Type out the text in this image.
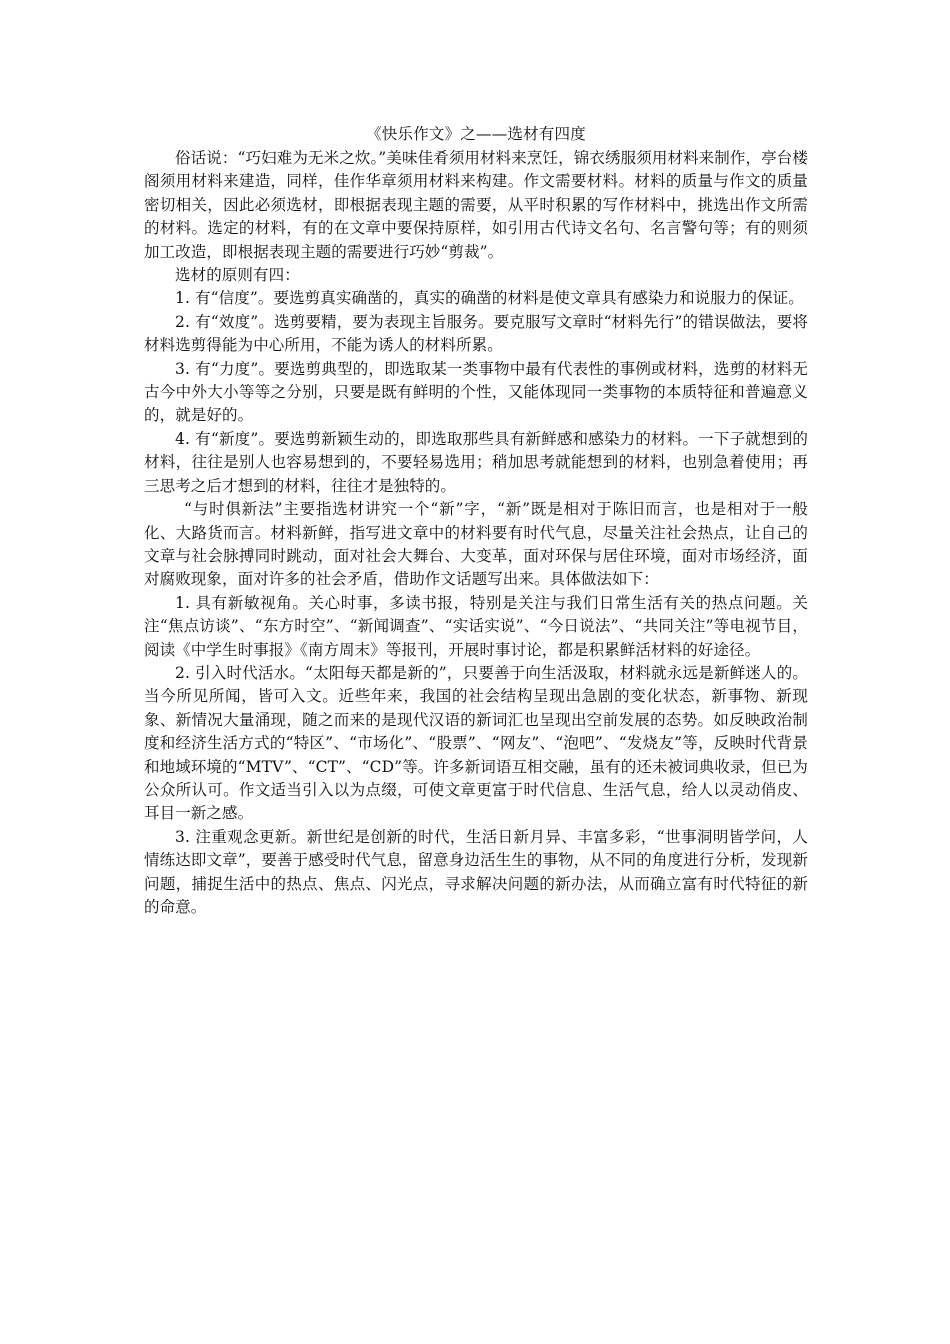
《快乐作文》之——选材有四度

俗话说：“巧妇难为无米之炊。”美味佳肴须用材料来烹饪，锦衣绣服须用材料来制作，亭台楼阁须用材料来建造，同样，佳作华章须用材料来构建。作文需要材料。材料的质量与作文的质量密切相关，因此必须选材，即根据表现主题的需要，从平时积累的写作材料中，挑选出作文所需的材料。选定的材料，有的在文章中要保持原样，如引用古代诗文名句、名言警句等；有的则须加工改造，即根据表现主题的需要进行巧妙“剪裁”。

选材的原则有四：

1. 有“信度”。要选剪真实确凿的，真实的确凿的材料是使文章具有感染力和说服力的保证。

2. 有“效度”。选剪要精，要为表现主旨服务。要克服写文章时“材料先行”的错误做法，要将材料选剪得能为中心所用，不能为诱人的材料所累。

3. 有“力度”。要选剪典型的，即选取某一类事物中最有代表性的事例或材料，选剪的材料无古今中外大小等等之分别，只要是既有鲜明的个性，又能体现同一类事物的本质特征和普遍意义的，就是好的。

4. 有“新度”。要选剪新颖生动的，即选取那些具有新鲜感和感染力的材料。一下子就想到的材料，往往是别人也容易想到的，不要轻易选用；稍加思考就能想到的材料，也别急着使用；再三思考之后才想到的材料，往往才是独特的。

“与时俱新法”主要指选材讲究一个“新”字，“新”既是相对于陈旧而言，也是相对于一般化、大路货而言。材料新鲜，指写进文章中的材料要有时代气息，尽量关注社会热点，让自己的文章与社会脉搏同时跳动，面对社会大舞台、大变革，面对环保与居住环境，面对市场经济，面对腐败现象，面对许多的社会矛盾，借助作文话题写出来。具体做法如下：

1. 具有新敏视角。关心时事，多读书报，特别是关注与我们日常生活有关的热点问题。关注“焦点访谈”、“东方时空”、“新闻调查”、“实话实说”、“今日说法”、“共同关注”等电视节目，阅读《中学生时事报》《南方周末》等报刊，开展时事讨论，都是积累鲜活材料的好途径。

2. 引入时代活水。“太阳每天都是新的”，只要善于向生活汲取，材料就永远是新鲜迷人的。当今所见所闻，皆可入文。近些年来，我国的社会结构呈现出急剧的变化状态，新事物、新现象、新情况大量涌现，随之而来的是现代汉语的新词汇也呈现出空前发展的态势。如反映政治制度和经济生活方式的“特区”、“市场化”、“股票”、“网友”、“泡吧”、“发烧友”等，反映时代背景和地域环境的“MTV”、“CT”、“CD”等。许多新词语互相交融，虽有的还未被词典收录，但已为公众所认可。作文适当引入以为点缀，可使文章更富于时代信息、生活气息，给人以灵动俏皮、耳目一新之感。

3. 注重观念更新。新世纪是创新的时代，生活日新月异、丰富多彩，“世事洞明皆学问，人情练达即文章”，要善于感受时代气息，留意身边活生生的事物，从不同的角度进行分析，发现新问题，捕捉生活中的热点、焦点、闪光点，寻求解决问题的新办法，从而确立富有时代特征的新的命意。
